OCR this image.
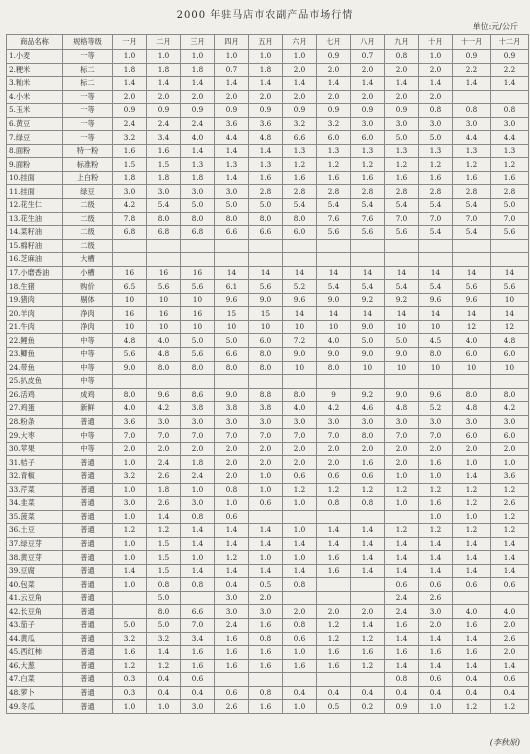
2000 年驻马店市农副产品市场行情
单位:元/公斤
商品名称	规格等级	一月	二月	三月	四月	五月	六月	七月	八月	九月	十月	十一月	十二月
1.小麦	一等	1.0	1.0	1.0	1.0	1.0	1.0	0.9	0.7	0.8	1.0	0.9	0.9
2.粳米	标二	1.8	1.8	1.8	0.7	1.8	2.0	2.0	2.0	2.0	2.0	2.2	2.2
3.籼米	标二	1.4	1.4	1.4	1.4	1.4	1.4	1.4	1.4	1.4	1.4	1.4	1.4
4.小米	一等	2.0	2.0	2.0	2.0	2.0	2.0	2.0	2.0	2.0	2.0		
5.玉米	一等	0.9	0.9	0.9	0.9	0.9	0.9	0.9	0.9	0.9	0.8	0.8	0.8
6.黄豆	一等	2.4	2.4	2.4	3.6	3.6	3.2	3.2	3.0	3.0	3.0	3.0	3.0
7.绿豆	一等	3.2	3.4	4.0	4.4	4.8	6.6	6.0	6.0	5.0	5.0	4.4	4.4
8.面粉	特一粉	1.6	1.6	1.4	1.4	1.4	1.3	1.3	1.3	1.3	1.3	1.3	1.3
9.面粉	标准粉	1.5	1.5	1.3	1.3	1.3	1.2	1.2	1.2	1.2	1.2	1.2	1.2
10.挂面	上白粉	1.8	1.8	1.8	1.4	1.6	1.6	1.6	1.6	1.6	1.6	1.6	1.6
11.挂面	绿豆	3.0	3.0	3.0	3.0	2.8	2.8	2.8	2.8	2.8	2.8	2.8	2.8
12.花生仁	二级	4.2	5.4	5.0	5.0	5.0	5.4	5.4	5.4	5.4	5.4	5.4	5.0
13.花生油	二级	7.8	8.0	8.0	8.0	8.0	8.0	7.6	7.6	7.0	7.0	7.0	7.0
14.菜籽油	二级	6.8	6.8	6.8	6.6	6.6	6.0	5.6	5.6	5.6	5.4	5.4	5.6
15.棉籽油	二级												
16.芝麻油	大槽												
17.小磨香油	小槽	16	16	16	14	14	14	14	14	14	14	14	14
18.生猪	购价	6.5	5.6	5.6	6.1	5.6	5.2	5.4	5.4	5.4	5.4	5.6	5.6
19.猪肉	剔体	10	10	10	9.6	9.0	9.6	9.0	9.2	9.2	9.6	9.6	10
20.羊肉	净肉	16	16	16	15	15	14	14	14	14	14	14	14
21.牛肉	净肉	10	10	10	10	10	10	10	9.0	10	10	12	12
22.鲤鱼	中等	4.8	4.0	5.0	5.0	6.0	7.2	4.0	5.0	5.0	4.5	4.0	4.8
23.鲫鱼	中等	5.6	4.8	5.6	6.6	8.0	9.0	9.0	9.0	9.0	8.0	6.0	6.0
24.带鱼	中等	9.0	8.0	8.0	8.0	8.0	10	8.0	10	10	10	10	10
25.扒皮鱼	中等												
26.活鸡	成鸡	8.0	9.6	8.6	9.0	8.8	8.0	9	9.2	9.0	9.6	8.0	8.0
27.鸡蛋	新鲜	4.0	4.2	3.8	3.8	3.8	4.0	4.2	4.6	4.8	5.2	4.8	4.2
28.粉条	普通	3.6	3.0	3.0	3.0	3.0	3.0	3.0	3.0	3.0	3.0	3.0	3.0
29.大枣	中等	7.0	7.0	7.0	7.0	7.0	7.0	7.0	8.0	7.0	7.0	6.0	6.0
30.苹果	中等	2.0	2.0	2.0	2.0	2.0	2.0	2.0	2.0	2.0	2.0	2.0	2.0
31.桔子	普通	1.0	2.4	1.8	2.0	2.0	2.0	2.0	1.6	2.0	1.6	1.0	1.0
32.青椒	普通	3.2	2.6	2.4	2.0	1.0	0.6	0.6	0.6	1.0	1.0	1.4	3.6
33.芹菜	普通	1.0	1.8	1.0	0.8	1.0	1.2	1.2	1.2	1.2	1.2	1.2	1.2
34.韭菜	普通	3.0	2.6	3.0	1.0	0.6	1.0	0.8	0.8	1.0	1.6	1.2	2.6
35.菠菜	普通	1.0	1.4	0.8	0.6						1.0	1.0	1.2
36.土豆	普通	1.2	1.2	1.4	1.4	1.4	1.0	1.4	1.4	1.2	1.2	1.2	1.2
37.绿豆芽	普通	1.0	1.5	1.4	1.4	1.4	1.4	1.4	1.4	1.4	1.4	1.4	1.4
38.黄豆芽	普通	1.0	1.5	1.0	1.2	1.0	1.0	1.6	1.4	1.4	1.4	1.4	1.4
39.豆腐	普通	1.4	1.5	1.4	1.4	1.4	1.4	1.6	1.4	1.4	1.4	1.4	1.4
40.包菜	普通	1.0	0.8	0.8	0.4	0.5	0.8			0.6	0.6	0.6	0.6
41.云豆角	普通		5.0		3.0	2.0				2.4	2.6		
42.长豆角	普通		8.0	6.6	3.0	3.0	2.0	2.0	2.0	2.4	3.0	4.0	4.0
43.茄子	普通	5.0	5.0	7.0	2.4	1.6	0.8	1.2	1.4	1.6	2.0	1.6	2.0
44.黄瓜	普通	3.2	3.2	3.4	1.6	0.8	0.6	1.2	1.2	1.4	1.4	1.4	2.6
45.西红柿	普通	1.6	1.4	1.6	1.6	1.6	1.0	1.6	1.6	1.6	1.6	1.6	2.0
46.大葱	普通	1.2	1.2	1.6	1.6	1.6	1.6	1.6	1.2	1.4	1.4	1.4	1.4
47.白菜	普通	0.3	0.4	0.6						0.8	0.6	0.4	0.6
48.萝卜	普通	0.3	0.4	0.4	0.6	0.8	0.4	0.4	0.4	0.4	0.4	0.4	0.4
49.冬瓜	普通	1.0	1.0	3.0	2.6	1.6	1.0	0.5	0.2	0.9	1.0	1.2	1.2
(李秋原)
